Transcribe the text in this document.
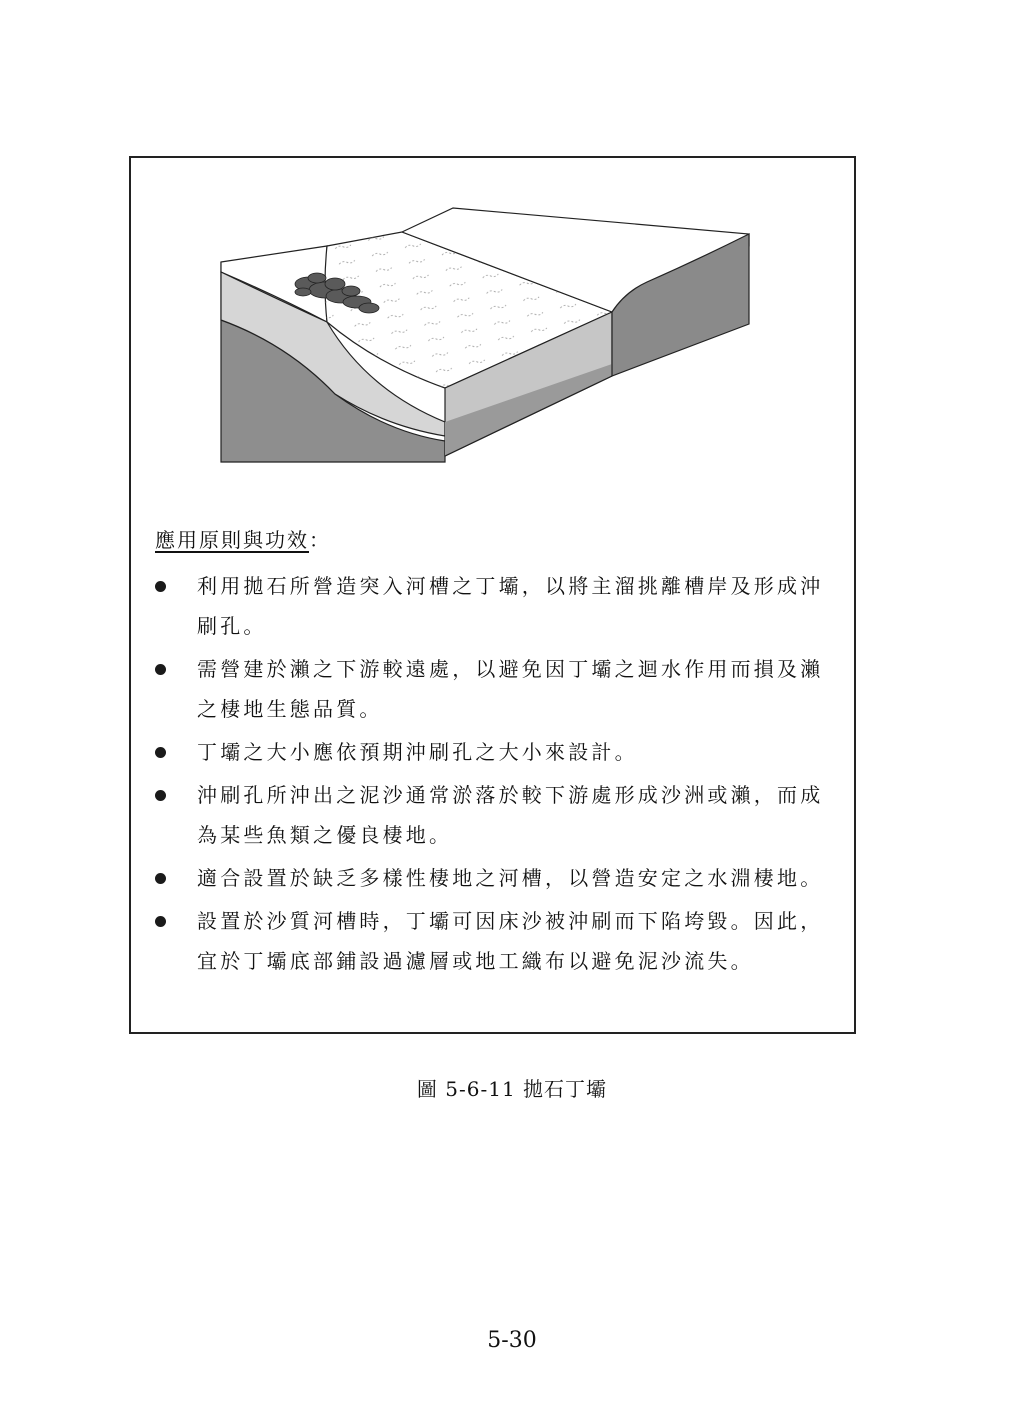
應用原則與功效：
利用拋石所營造突入河槽之丁壩，以將主溜挑離槽岸及形成沖刷孔。
需營建於瀨之下游較遠處，以避免因丁壩之迴水作用而損及瀨之棲地生態品質。
丁壩之大小應依預期沖刷孔之大小來設計。
沖刷孔所沖出之泥沙通常淤落於較下游處形成沙洲或瀨，而成為某些魚類之優良棲地。
適合設置於缺乏多樣性棲地之河槽，以營造安定之水淵棲地。
設置於沙質河槽時，丁壩可因床沙被沖刷而下陷垮毀。因此，宜於丁壩底部鋪設過濾層或地工織布以避免泥沙流失。
圖 5-6-11 拋石丁壩
5-30
